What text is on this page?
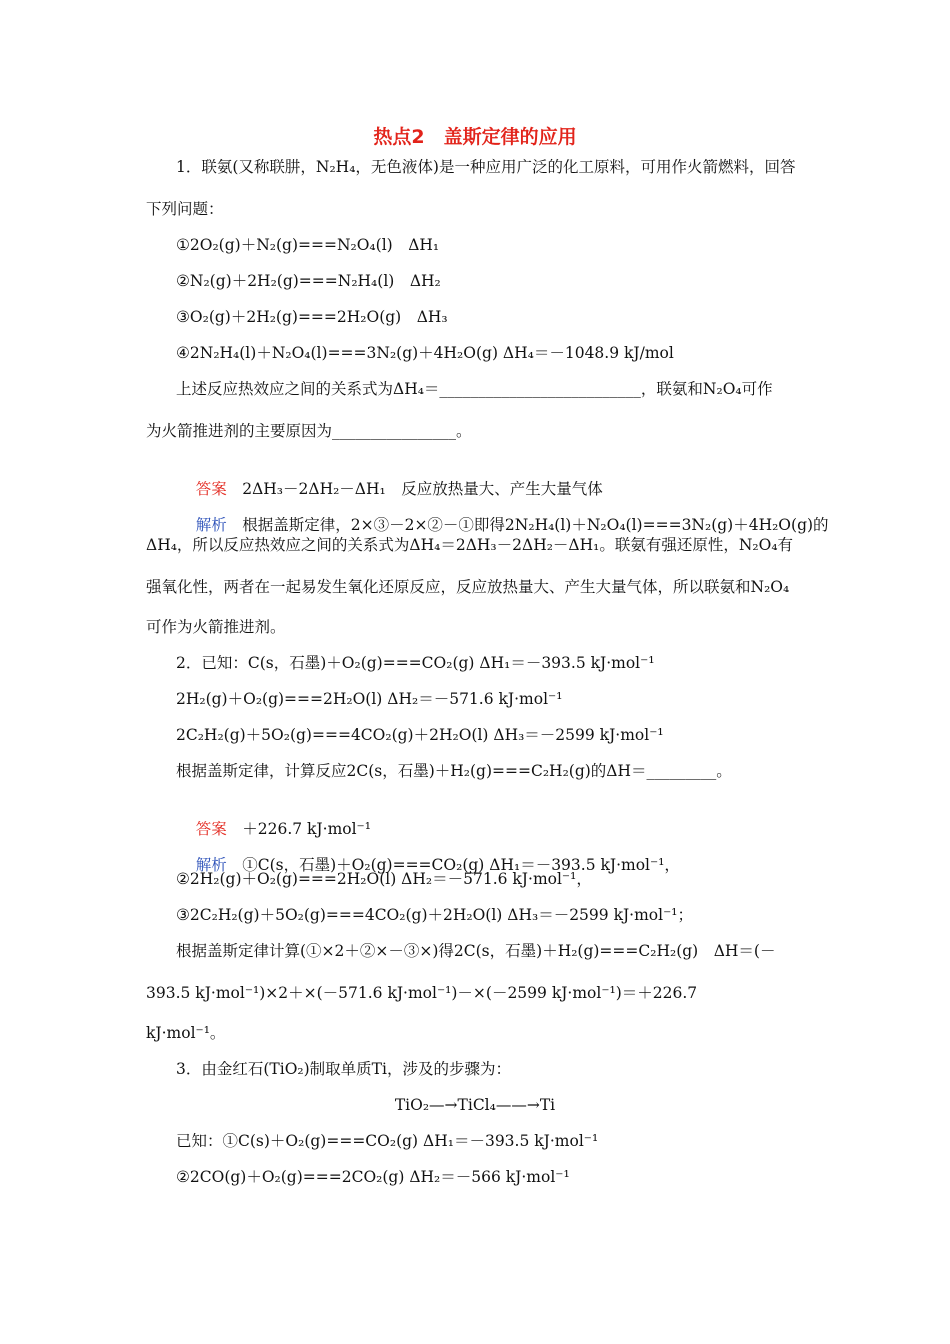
热点2　盖斯定律的应用
1．联氨(又称联肼，N₂H₄，无色液体)是一种应用广泛的化工原料，可用作火箭燃料，回答
下列问题：
①2O₂(g)＋N₂(g)===N₂O₄(l)　ΔH₁
②N₂(g)＋2H₂(g)===N₂H₄(l)　ΔH₂
③O₂(g)＋2H₂(g)===2H₂O(g)　ΔH₃
④2N₂H₄(l)＋N₂O₄(l)===3N₂(g)＋4H₂O(g) ΔH₄＝－1048.9 kJ/mol
上述反应热效应之间的关系式为ΔH₄＝__________________________，联氨和N₂O₄可作
为火箭推进剂的主要原因为________________。

答案　2ΔH₃－2ΔH₂－ΔH₁　反应放热量大、产生大量气体

解析　根据盖斯定律，2×③－2×②－①即得2N₂H₄(l)＋N₂O₄(l)===3N₂(g)＋4H₂O(g)的

ΔH₄，所以反应热效应之间的关系式为ΔH₄＝2ΔH₃－2ΔH₂－ΔH₁。联氨有强还原性，N₂O₄有
强氧化性，两者在一起易发生氧化还原反应，反应放热量大、产生大量气体，所以联氨和N₂O₄
可作为火箭推进剂。
2．已知：C(s，石墨)＋O₂(g)===CO₂(g) ΔH₁＝－393.5 kJ·mol⁻¹
2H₂(g)＋O₂(g)===2H₂O(l) ΔH₂＝－571.6 kJ·mol⁻¹
2C₂H₂(g)＋5O₂(g)===4CO₂(g)＋2H₂O(l) ΔH₃＝－2599 kJ·mol⁻¹
根据盖斯定律，计算反应2C(s，石墨)＋H₂(g)===C₂H₂(g)的ΔH＝_________。

答案　＋226.7 kJ·mol⁻¹

解析　①C(s，石墨)＋O₂(g)===CO₂(g) ΔH₁＝－393.5 kJ·mol⁻¹，

②2H₂(g)＋O₂(g)===2H₂O(l) ΔH₂＝－571.6 kJ·mol⁻¹，
③2C₂H₂(g)＋5O₂(g)===4CO₂(g)＋2H₂O(l) ΔH₃＝－2599 kJ·mol⁻¹；
根据盖斯定律计算(①×2＋②×－③×)得2C(s，石墨)＋H₂(g)===C₂H₂(g)　ΔH＝(－
393.5 kJ·mol⁻¹)×2＋×(－571.6 kJ·mol⁻¹)－×(－2599 kJ·mol⁻¹)＝＋226.7
kJ·mol⁻¹。
3．由金红石(TiO₂)制取单质Ti，涉及的步骤为：
TiO₂—→TiCl₄——→Ti
已知：①C(s)＋O₂(g)===CO₂(g) ΔH₁＝－393.5 kJ·mol⁻¹
②2CO(g)＋O₂(g)===2CO₂(g) ΔH₂＝－566 kJ·mol⁻¹
